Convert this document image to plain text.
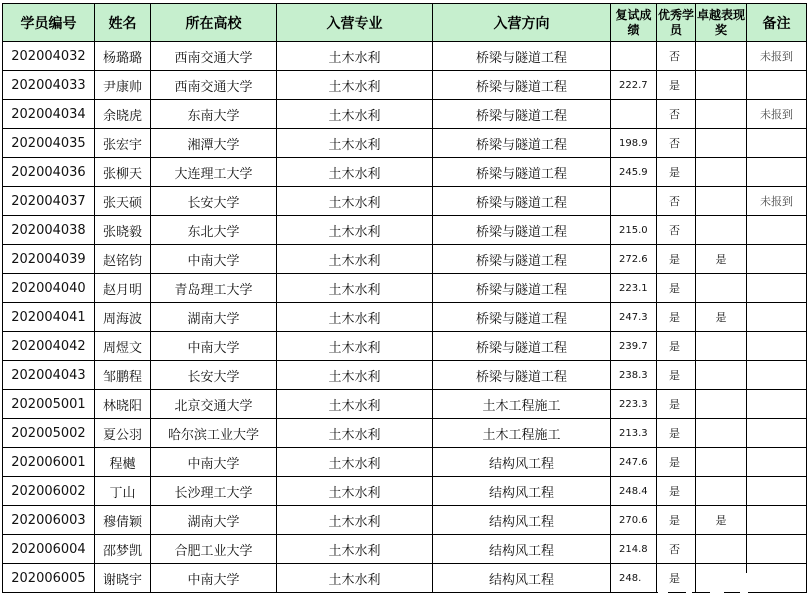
学员编号	姓名	所在高校	入营专业	入营方向	复试成绩	优秀学员	卓越表现奖	备注
202004032	杨璐璐	西南交通大学	土木水利	桥梁与隧道工程		否		未报到
202004033	尹康帅	西南交通大学	土木水利	桥梁与隧道工程	222.7	是		
202004034	余晓虎	东南大学	土木水利	桥梁与隧道工程		否		未报到
202004035	张宏宇	湘潭大学	土木水利	桥梁与隧道工程	198.9	否		
202004036	张柳天	大连理工大学	土木水利	桥梁与隧道工程	245.9	是		
202004037	张天硕	长安大学	土木水利	桥梁与隧道工程		否		未报到
202004038	张晓毅	东北大学	土木水利	桥梁与隧道工程	215.0	否		
202004039	赵铭钧	中南大学	土木水利	桥梁与隧道工程	272.6	是	是	
202004040	赵月明	青岛理工大学	土木水利	桥梁与隧道工程	223.1	是		
202004041	周海波	湖南大学	土木水利	桥梁与隧道工程	247.3	是	是	
202004042	周煜文	中南大学	土木水利	桥梁与隧道工程	239.7	是		
202004043	邹鹏程	长安大学	土木水利	桥梁与隧道工程	238.3	是		
202005001	林晓阳	北京交通大学	土木水利	土木工程施工	223.3	是		
202005002	夏公羽	哈尔滨工业大学	土木水利	土木工程施工	213.3	是		
202006001	程樾	中南大学	土木水利	结构风工程	247.6	是		
202006002	丁山	长沙理工大学	土木水利	结构风工程	248.4	是		
202006003	穆倩颖	湖南大学	土木水利	结构风工程	270.6	是	是	
202006004	邵梦凯	合肥工业大学	土木水利	结构风工程	214.8	否		
202006005	谢晓宇	中南大学	土木水利	结构风工程	248.	是		
